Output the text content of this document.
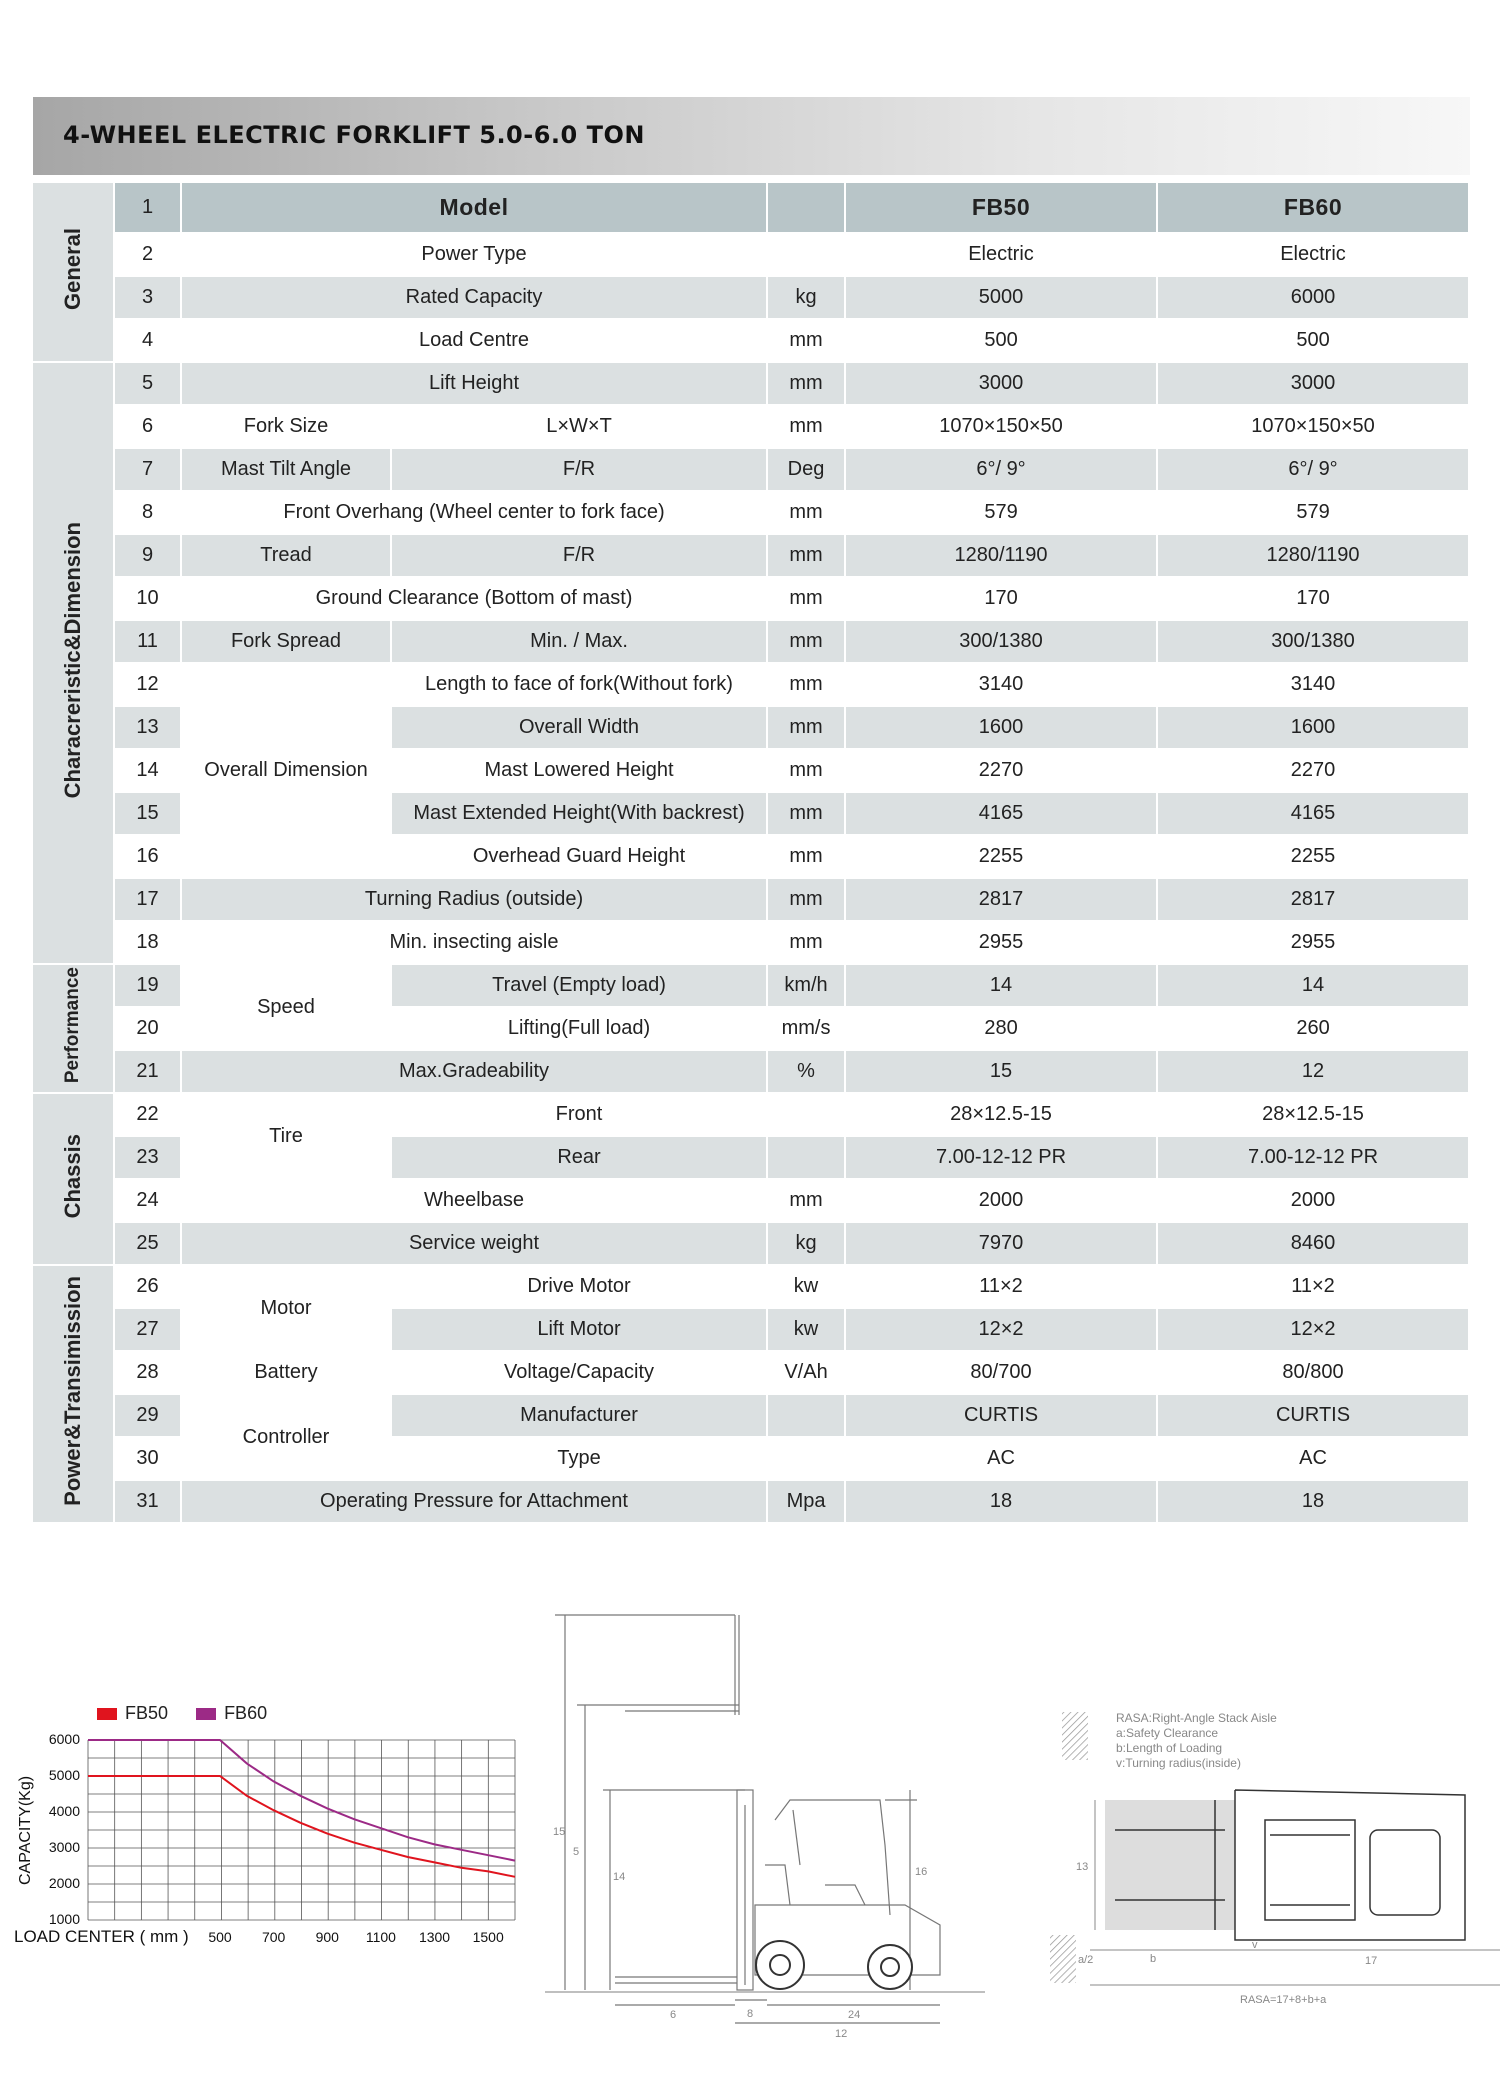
4-WHEEL ELECTRIC FORKLIFT 5.0-6.0 TON
General	1	Model			FB50	FB60
	2	Power Type			Electric	Electric
	3	Rated Capacity		kg	5000	6000
	4	Load Centre		mm	500	500
Characreristic&Dimension	5	Lift Height		mm	3000	3000
	6	Fork Size	L×W×T	mm	1070×150×50	1070×150×50
	7	Mast Tilt Angle	F/R	Deg	6°/ 9°	6°/ 9°
	8	Front Overhang (Wheel center to fork face)		mm	579	579
	9	Tread	F/R	mm	1280/1190	1280/1190
	10	Ground Clearance (Bottom of mast)		mm	170	170
	11	Fork Spread	Min. / Max.	mm	300/1380	300/1380
	12	Overall Dimension	Length to face of fork(Without fork)	mm	3140	3140
	13		Overall Width	mm	1600	1600
	14		Mast Lowered Height	mm	2270	2270
	15		Mast Extended Height(With backrest)	mm	4165	4165
	16		Overhead Guard Height	mm	2255	2255
	17	Turning Radius (outside)		mm	2817	2817
	18	Min. insecting aisle		mm	2955	2955
Performance	19	Speed	Travel (Empty load)	km/h	14	14
	20		Lifting(Full load)	mm/s	280	260
	21	Max.Gradeability		%	15	12
Chassis	22	Tire	Front		28×12.5-15	28×12.5-15
	23		Rear		7.00-12-12 PR	7.00-12-12 PR
	24	Wheelbase		mm	2000	2000
	25	Service weight		kg	7970	8460
Power&Transimission	26	Motor	Drive Motor	kw	11×2	11×2
	27		Lift Motor	kw	12×2	12×2
	28	Battery	Voltage/Capacity	V/Ah	80/700	80/800
	29	Controller	Manufacturer		CURTIS	CURTIS
	30		Type		AC	AC
	31	Operating Pressure for Attachment		Mpa	18	18
FB50	FB60
1000
2000
3000
4000
5000
6000
500 700 900 1100 1300 1500
LOAD CENTER ( mm )
CAPACITY(Kg)	15
5
14	16
6	8	24
12
RASA:Right-Angle Stack Aisle
a:Safety Clearance
b:Length of Loading
v:Turning radius(inside)
13
a/2	b
v
17
RASA=17+8+b+a
